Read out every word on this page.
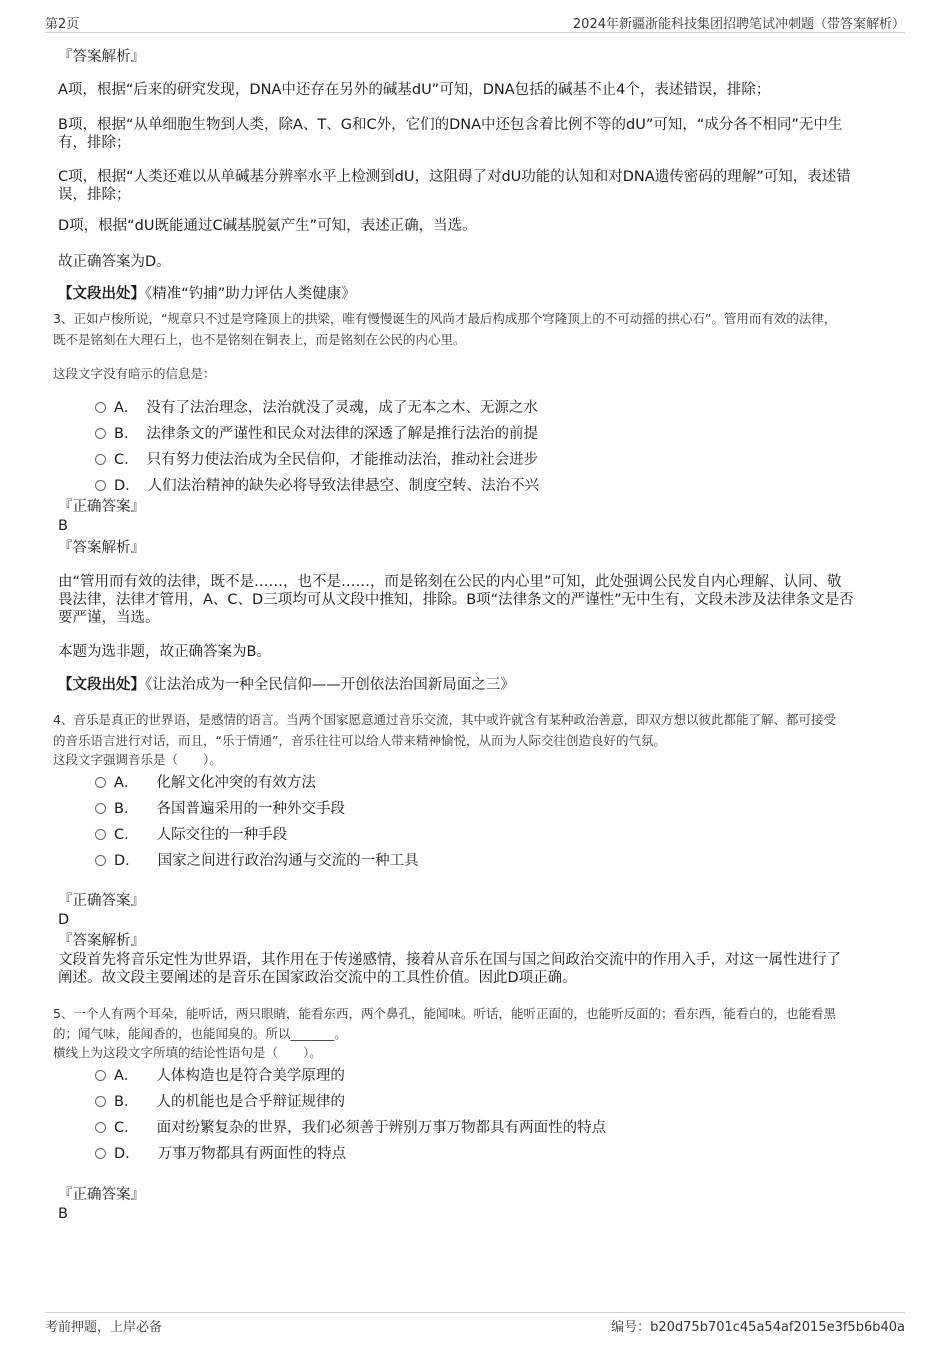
第2页	2024年新疆浙能科技集团招聘笔试冲刺题（带答案解析）
『答案解析』
A项，根据“后来的研究发现，DNA中还存在另外的碱基dU”可知，DNA包括的碱基不止4个，表述错误，排除；
B项，根据“从单细胞生物到人类，除A、T、G和C外，它们的DNA中还包含着比例不等的dU”可知，“成分各不相同”无中生
有，排除；
C项，根据“人类还难以从单碱基分辨率水平上检测到dU，这阻碍了对dU功能的认知和对DNA遗传密码的理解”可知，表述错
误，排除；
D项，根据“dU既能通过C碱基脱氨产生”可知，表述正确，当选。
故正确答案为D。
【文段出处】《精准“钓捕”助力评估人类健康》
3、正如卢梭所说，“规章只不过是穹隆顶上的拱梁，唯有慢慢诞生的风尚才最后构成那个穹隆顶上的不可动摇的拱心石”。管用而有效的法律，
既不是铭刻在大理石上，也不是铭刻在铜表上，而是铭刻在公民的内心里。
这段文字没有暗示的信息是：
A． 没有了法治理念，法治就没了灵魂，成了无本之木、无源之水
B． 法律条文的严谨性和民众对法律的深透了解是推行法治的前提
C． 只有努力使法治成为全民信仰，才能推动法治，推动社会进步
D． 人们法治精神的缺失必将导致法律悬空、制度空转、法治不兴
『正确答案』
B
『答案解析』
由“管用而有效的法律，既不是……，也不是……，而是铭刻在公民的内心里”可知，此处强调公民发自内心理解、认同、敬
畏法律，法律才管用，A、C、D三项均可从文段中推知，排除。B项“法律条文的严谨性”无中生有，文段未涉及法律条文是否
要严谨，当选。
本题为选非题，故正确答案为B。
【文段出处】《让法治成为一种全民信仰——开创依法治国新局面之三》
4、音乐是真正的世界语，是感情的语言。当两个国家愿意通过音乐交流，其中或许就含有某种政治善意，即双方想以彼此都能了解、都可接受
的音乐语言进行对话，而且，“乐于情通”，音乐往往可以给人带来精神愉悦，从而为人际交往创造良好的气氛。
这段文字强调音乐是（　　）。
A． 化解文化冲突的有效方法
B． 各国普遍采用的一种外交手段
C． 人际交往的一种手段
D． 国家之间进行政治沟通与交流的一种工具
『正确答案』
D
『答案解析』
文段首先将音乐定性为世界语，其作用在于传递感情，接着从音乐在国与国之间政治交流中的作用入手，对这一属性进行了
阐述。故文段主要阐述的是音乐在国家政治交流中的工具性价值。因此D项正确。
5、一个人有两个耳朵，能听话，两只眼睛，能看东西，两个鼻孔，能闻味。听话，能听正面的，也能听反面的；看东西，能看白的，也能看黑
的；闻气味，能闻香的，也能闻臭的。所以_______。
横线上为这段文字所填的结论性语句是（　　）。
A． 人体构造也是符合美学原理的
B． 人的机能也是合乎辩证规律的
C． 面对纷繁复杂的世界，我们必须善于辨别万事万物都具有两面性的特点
D． 万事万物都具有两面性的特点
『正确答案』
B
考前押题，上岸必备	编号：b20d75b701c45a54af2015e3f5b6b40a
